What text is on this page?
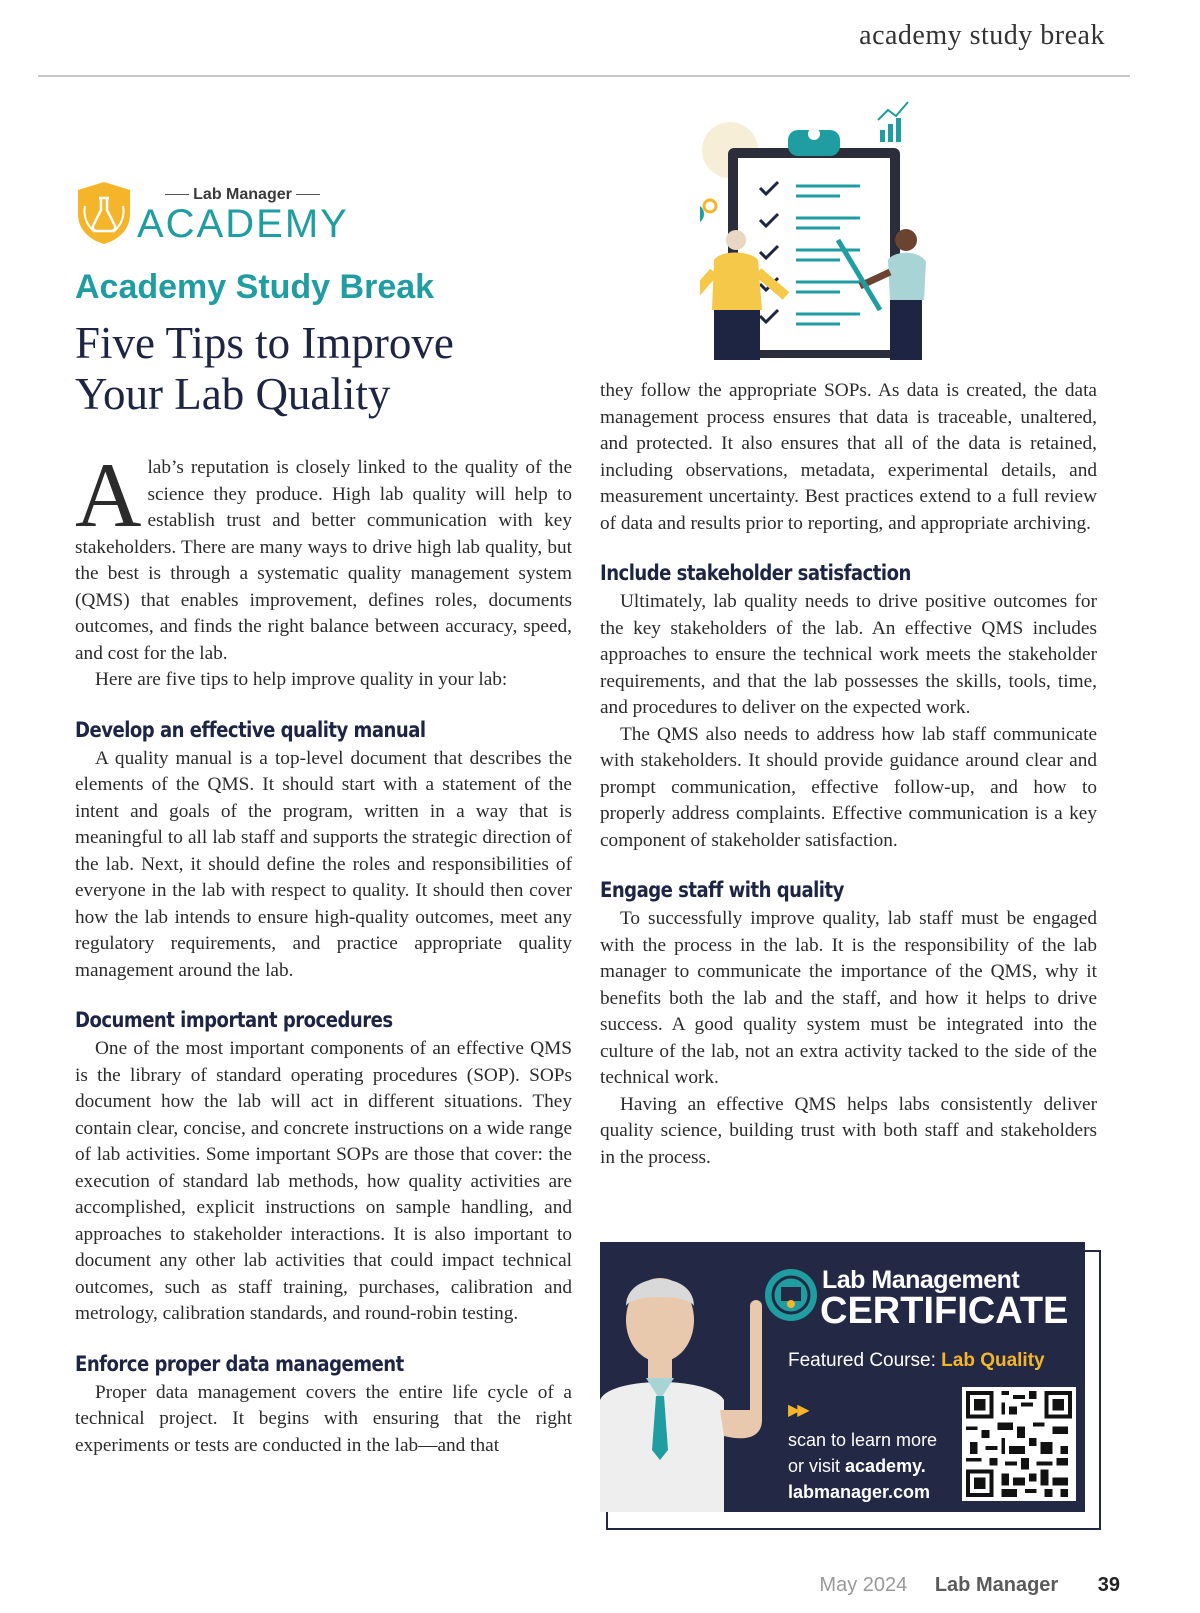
academy study break
Lab Manager
ACADEMY
Academy Study Break
Five Tips to Improve
Your Lab Quality

Alab’s reputation is closely linked to the quality of the science they produce. High lab quality will help to establish trust and better communication with key stakeholders. There are many ways to drive high lab quality, but the best is through a systematic quality management system (QMS) that enables improvement, defines roles, documents outcomes, and finds the right balance between accuracy, speed, and cost for the lab.

Here are five tips to help improve quality in your lab:

Develop an effective quality manual

A quality manual is a top-level document that describes the elements of the QMS. It should start with a statement of the intent and goals of the program, written in a way that is meaningful to all lab staff and supports the strategic direction of the lab. Next, it should define the roles and responsibilities of everyone in the lab with respect to quality. It should then cover how the lab intends to ensure high-quality outcomes, meet any regulatory requirements, and practice appropriate quality management around the lab.

Document important procedures

One of the most important components of an effective QMS is the library of standard operating procedures (SOP). SOPs document how the lab will act in different situations. They contain clear, concise, and concrete instructions on a wide range of lab activities. Some important SOPs are those that cover: the execution of standard lab methods, how quality activities are accomplished, explicit instructions on sample handling, and approaches to stakeholder interactions. It is also important to document any other lab activities that could impact technical outcomes, such as staff training, purchases, calibration and metrology, calibration standards, and round-robin testing.

Enforce proper data management

Proper data management covers the entire life cycle of a technical project. It begins with ensuring that the right experiments or tests are conducted in the lab—and that

they follow the appropriate SOPs. As data is created, the data management process ensures that data is traceable, unaltered, and protected. It also ensures that all of the data is retained, including observations, metadata, experimental details, and measurement uncertainty. Best practices extend to a full review of data and results prior to reporting, and appropriate archiving.

Include stakeholder satisfaction

Ultimately, lab quality needs to drive positive outcomes for the key stakeholders of the lab. An effective QMS includes approaches to ensure the technical work meets the stakeholder requirements, and that the lab possesses the skills, tools, time, and procedures to deliver on the expected work.

The QMS also needs to address how lab staff communicate with stakeholders. It should provide guidance around clear and prompt communication, effective follow-up, and how to properly address complaints. Effective communication is a key component of stakeholder satisfaction.

Engage staff with quality

To successfully improve quality, lab staff must be engaged with the process in the lab. It is the responsibility of the lab manager to communicate the importance of the QMS, why it benefits both the lab and the staff, and how it helps to drive success. A good quality system must be integrated into the culture of the lab, not an extra activity tacked to the side of the technical work.

Having an effective QMS helps labs consistently deliver quality science, building trust with both staff and stakeholders in the process.

Lab Management
CERTIFICATE
Featured Course: Lab Quality
▶▶
scan to learn more
or visit academy.
labmanager.com
May 2024 Lab Manager 39
